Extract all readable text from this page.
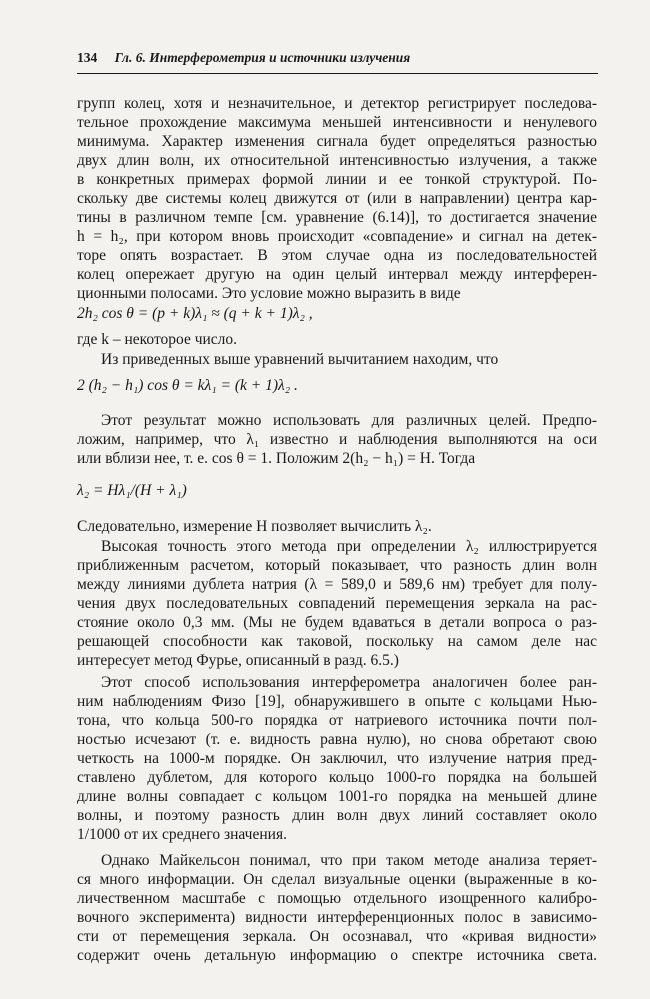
134 Гл. 6. Интерферометрия и источники излучения
групп колец, хотя и незначительное, и детектор регистрирует последова-
тельное прохождение максимума меньшей интенсивности и ненулевого
минимума. Характер изменения сигнала будет определяться разностью
двух длин волн, их относительной интенсивностью излучения, а также
в конкретных примерах формой линии и ее тонкой структурой. По-
скольку две системы колец движутся от (или в направлении) центра кар-
тины в различном темпе [см. уравнение (6.14)], то достигается значение
h = h₂, при котором вновь происходит «совпадение» и сигнал на детек-
торе опять возрастает. В этом случае одна из последовательностей
колец опережает другую на один целый интервал между интерферен-
ционными полосами. Это условие можно выразить в виде
2h₂ cos θ = (p + k)λ₁ ≈ (q + k + 1)λ₂ ,
где k – некоторое число.
Из приведенных выше уравнений вычитанием находим, что
2 (h₂ − h₁) cos θ = kλ₁ = (k + 1)λ₂ .
Этот результат можно использовать для различных целей. Предпо-
ложим, например, что λ₁ известно и наблюдения выполняются на оси
или вблизи нее, т. е. cos θ = 1. Положим 2(h₂ − h₁) = H. Тогда
λ₂ = Hλ₁/(H + λ₁)
Следовательно, измерение H позволяет вычислить λ₂.
Высокая точность этого метода при определении λ₂ иллюстрируется
приближенным расчетом, который показывает, что разность длин волн
между линиями дублета натрия (λ = 589,0 и 589,6 нм) требует для полу-
чения двух последовательных совпадений перемещения зеркала на рас-
стояние около 0,3 мм. (Мы не будем вдаваться в детали вопроса о раз-
решающей способности как таковой, поскольку на самом деле нас
интересует метод Фурье, описанный в разд. 6.5.)
Этот способ использования интерферометра аналогичен более ран-
ним наблюдениям Физо [19], обнаружившего в опыте с кольцами Нью-
тона, что кольца 500-го порядка от натриевого источника почти пол-
ностью исчезают (т. е. видность равна нулю), но снова обретают свою
четкость на 1000-м порядке. Он заключил, что излучение натрия пред-
ставлено дублетом, для которого кольцо 1000-го порядка на большей
длине волны совпадает с кольцом 1001-го порядка на меньшей длине
волны, и поэтому разность длин волн двух линий составляет около
1/1000 от их среднего значения.
Однако Майкельсон понимал, что при таком методе анализа теряет-
ся много информации. Он сделал визуальные оценки (выраженные в ко-
личественном масштабе с помощью отдельного изощренного калибро-
вочного эксперимента) видности интерференционных полос в зависимо-
сти от перемещения зеркала. Он осознавал, что «кривая видности»
содержит очень детальную информацию о спектре источника света.
